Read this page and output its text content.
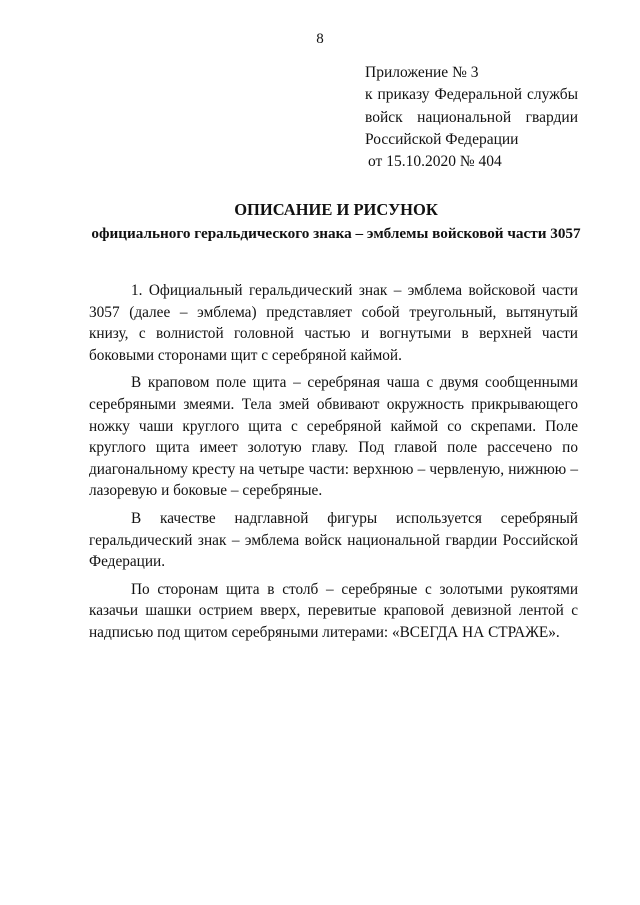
8
Приложение № 3
к приказу Федеральной службы
войск национальной гвардии
Российской Федерации
от 15.10.2020 № 404
ОПИСАНИЕ И РИСУНОК
официального геральдического знака – эмблемы войсковой части 3057

1. Официальный геральдический знак – эмблема войсковой части 3057 (далее – эмблема) представляет собой треугольный, вытянутый книзу, с волнистой головной частью и вогнутыми в верхней части боковыми сторонами щит с серебряной каймой.

В краповом поле щита – серебряная чаша с двумя сообщенными серебряными змеями. Тела змей обвивают окружность прикрывающего ножку чаши круглого щита с серебряной каймой со скрепами. Поле круглого щита имеет золотую главу. Под главой поле рассечено по диагональному кресту на четыре части: верхнюю – червленую, нижнюю – лазоревую и боковые – серебряные.

В качестве надглавной фигуры используется серебряный геральдический знак – эмблема войск национальной гвардии Российской Федерации.

По сторонам щита в столб – серебряные с золотыми рукоятями казачьи шашки острием вверх, перевитые краповой девизной лентой с надписью под щитом серебряными литерами: «ВСЕГДА НА СТРАЖЕ».
